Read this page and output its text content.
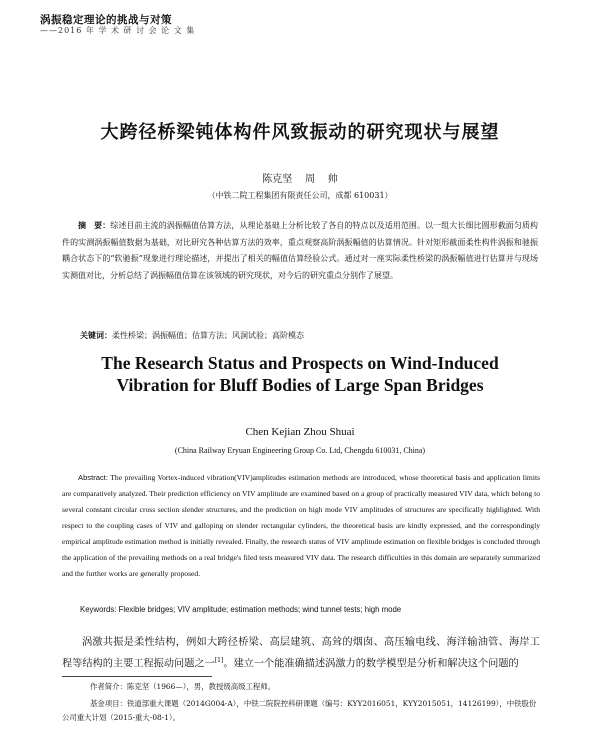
涡振稳定理论的挑战与对策
——2016 年 学 术 研 讨 会 论 文 集
大跨径桥梁钝体构件风致振动的研究现状与展望
陈克坚    周    帅
（中铁二院工程集团有限责任公司，成都 610031）
摘　要：综述目前主流的涡振幅值估算方法，从理论基础上分析比较了各自的特点以及适用范围。以一组大长细比圆形截面匀质构件的实测涡振幅值数据为基础，对比研究各种估算方法的效率，重点观察高阶涡振幅值的估算情况。针对矩形截面柔性构件涡振和驰振耦合状态下的“软驰振”现象进行理论描述，并提出了相关的幅值估算经验公式。通过对一座实际柔性桥梁的涡振幅值进行估算并与现场实测值对比，分析总结了涡振幅值估算在该领域的研究现状，对今后的研究重点分别作了展望。
关键词：柔性桥梁；涡振幅值；估算方法；风洞试验；高阶模态
The Research Status and Prospects on Wind-Induced
Vibration for Bluff Bodies of Large Span Bridges
Chen Kejian Zhou Shuai
(China Railway Eryuan Engineering Group Co. Ltd, Chengdu 610031, China)
Abstract: The prevailing Vortex-induced vibration(VIV)amplitudes estimation methods are introduced, whose theoretical basis and application limits are comparatively analyzed. Their prediction efficiency on VIV amplitude are examined based on a group of practically measured VIV data, which belong to several constant circular cross section slender structures, and the prediction on high mode VIV amplitudes of structures are specifically highlighted. With respect to the coupling cases of VIV and galloping on slender rectangular cylinders, the theoretical basis are kindly expressed, and the correspondingly empirical amplitude estimation method is initially revealed. Finally, the research status of VIV amplitude estimation on flexible bridges is concluded through the application of the prevailing methods on a real bridge's filed tests measured VIV data. The research difficulties in this domain are separately summarized and the further works are generally proposed.
Keywords: Flexible bridges; VIV amplitude; estimation methods; wind tunnel tests; high mode
涡激共振是柔性结构，例如大跨径桥梁、高层建筑、高耸的烟囱、高压输电线、海洋输油管、海岸工程等结构的主要工程振动问题之一[1]。建立一个能准确描述涡激力的数学模型是分析和解决这个问题的
作者简介：陈克坚（1966—），男，教授级高级工程师。
基金项目：铁道部重大课题（2014G004-A），中铁二院院控科研课题（编号：KYY2016051，KYY2015051，14126199），中铁股份公司重大计划（2015-重大-08-1）。
